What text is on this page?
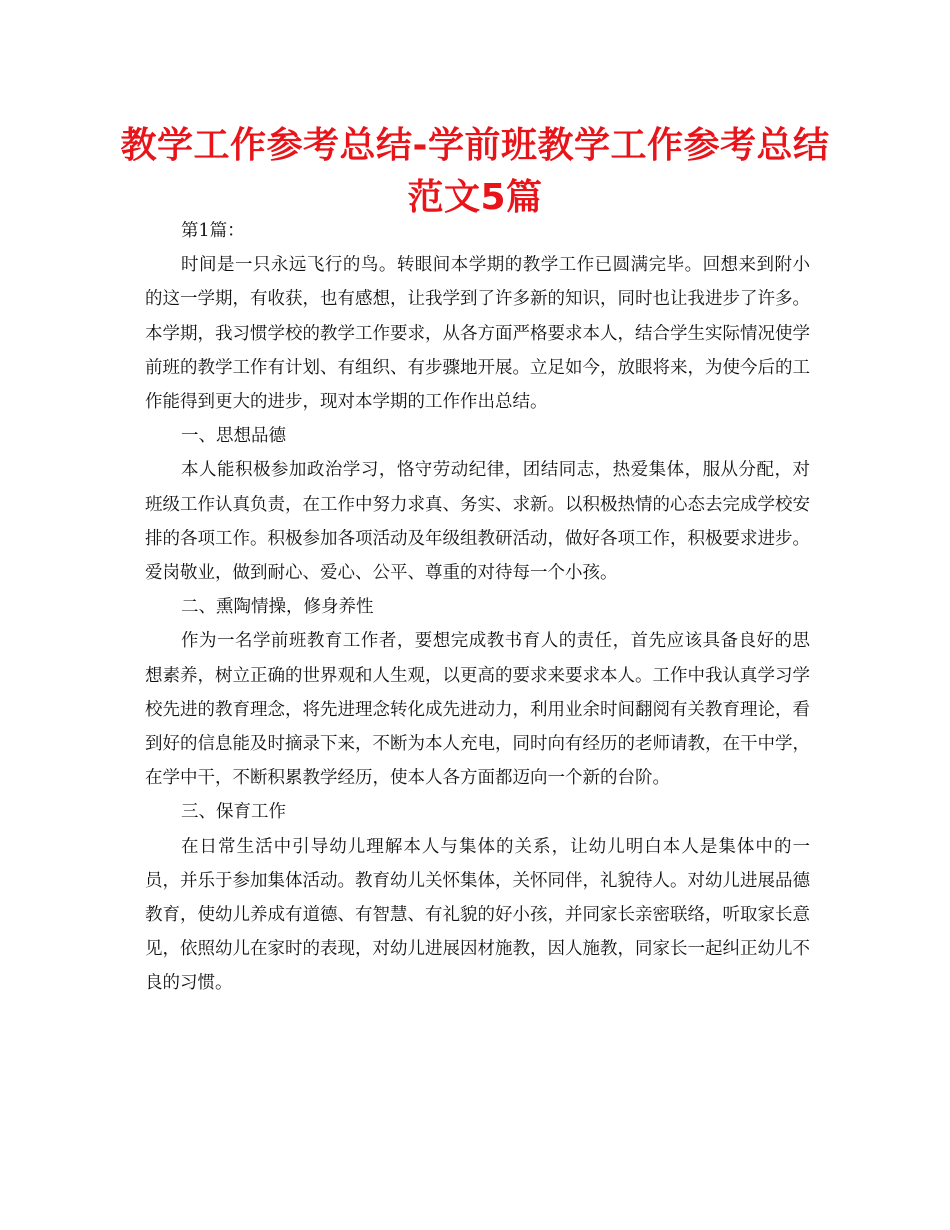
教学工作参考总结-学前班教学工作参考总结范文5篇

第1篇：

时间是一只永远飞行的鸟。转眼间本学期的教学工作已圆满完毕。回想来到附小的这一学期，有收获，也有感想，让我学到了许多新的知识，同时也让我进步了许多。本学期，我习惯学校的教学工作要求，从各方面严格要求本人，结合学生实际情况使学前班的教学工作有计划、有组织、有步骤地开展。立足如今，放眼将来，为使今后的工作能得到更大的进步，现对本学期的工作作出总结。

一、思想品德

本人能积极参加政治学习，恪守劳动纪律，团结同志，热爱集体，服从分配，对班级工作认真负责，在工作中努力求真、务实、求新。以积极热情的心态去完成学校安排的各项工作。积极参加各项活动及年级组教研活动，做好各项工作，积极要求进步。爱岗敬业，做到耐心、爱心、公平、尊重的对待每一个小孩。

二、熏陶情操，修身养性

作为一名学前班教育工作者，要想完成教书育人的责任，首先应该具备良好的思想素养，树立正确的世界观和人生观，以更高的要求来要求本人。工作中我认真学习学校先进的教育理念，将先进理念转化成先进动力，利用业余时间翻阅有关教育理论，看到好的信息能及时摘录下来，不断为本人充电，同时向有经历的老师请教，在干中学，在学中干，不断积累教学经历，使本人各方面都迈向一个新的台阶。

三、保育工作

在日常生活中引导幼儿理解本人与集体的关系，让幼儿明白本人是集体中的一员，并乐于参加集体活动。教育幼儿关怀集体，关怀同伴，礼貌待人。对幼儿进展品德教育，使幼儿养成有道德、有智慧、有礼貌的好小孩，并同家长亲密联络，听取家长意见，依照幼儿在家时的表现，对幼儿进展因材施教，因人施教，同家长一起纠正幼儿不良的习惯。
